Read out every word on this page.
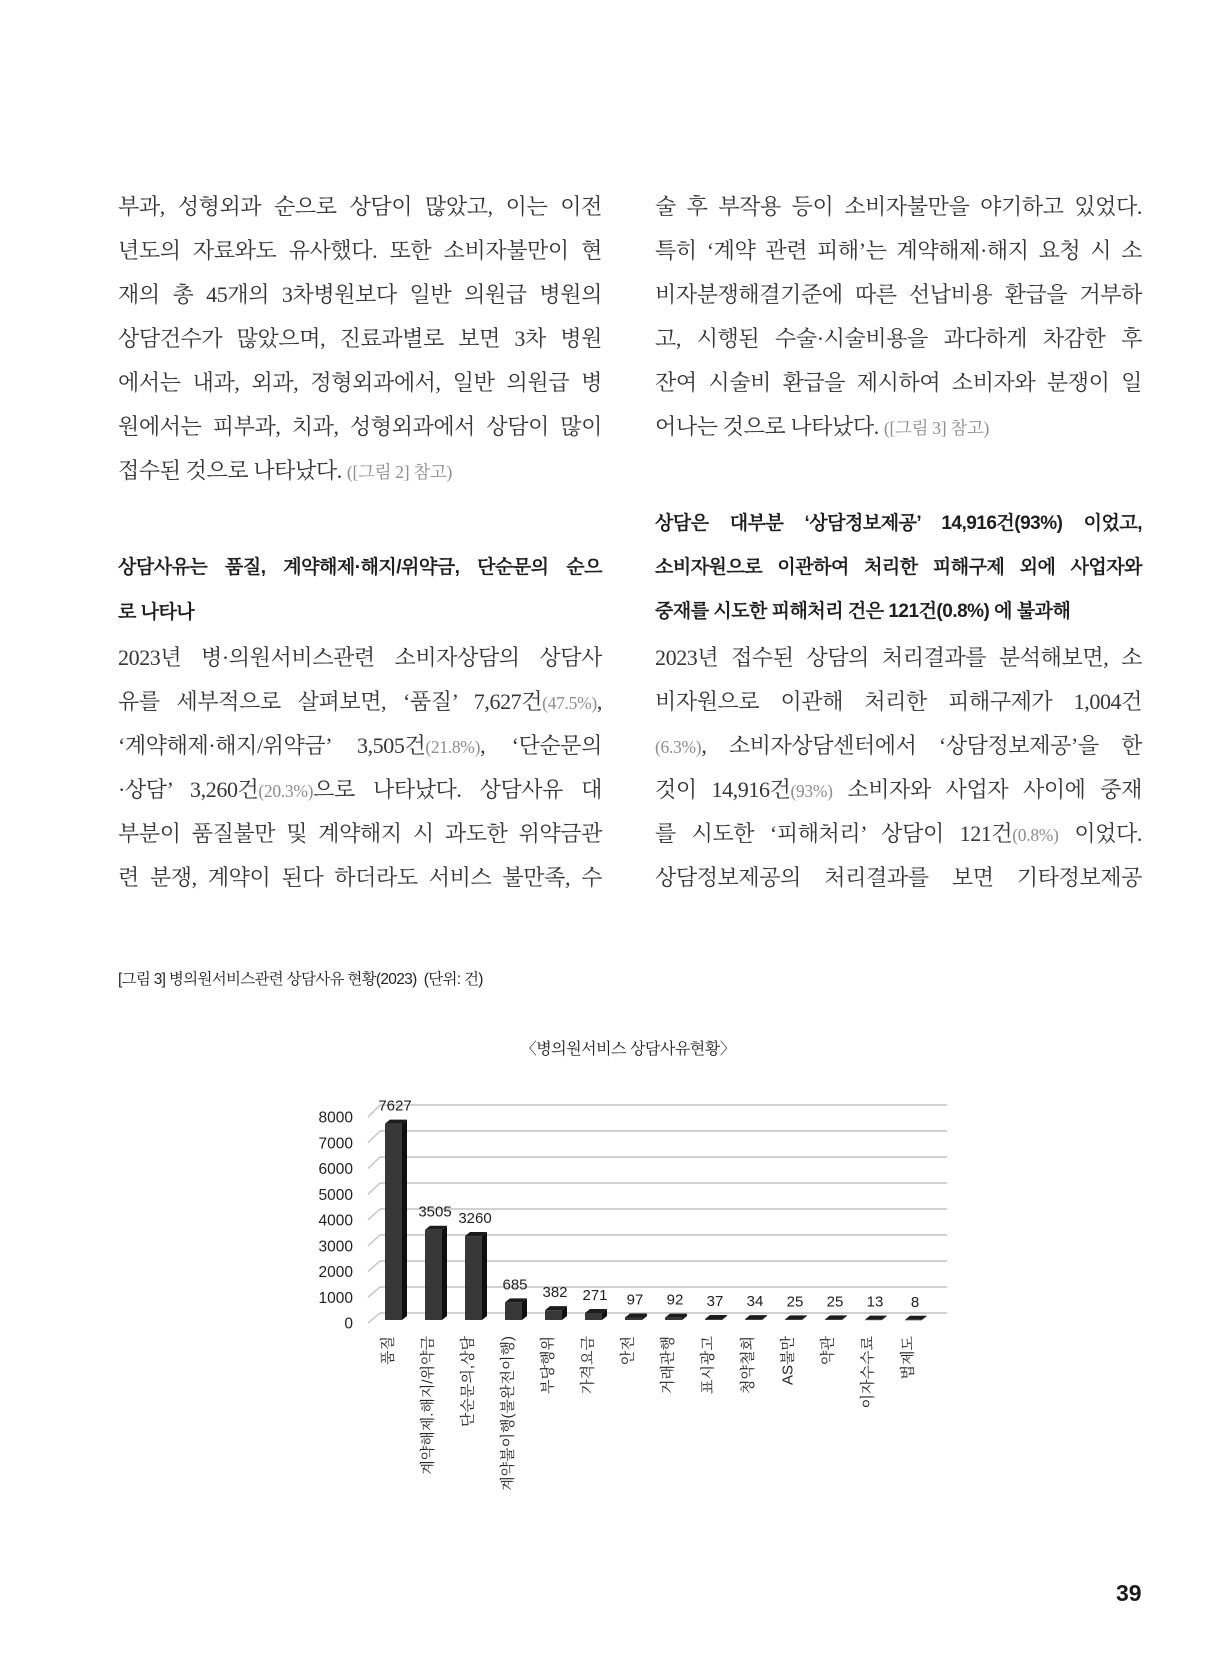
부과, 성형외과 순으로 상담이 많았고, 이는 이전
년도의 자료와도 유사했다. 또한 소비자불만이 현
재의 총 45개의 3차병원보다 일반 의원급 병원의
상담건수가 많았으며, 진료과별로 보면 3차 병원
에서는 내과, 외과, 정형외과에서, 일반 의원급 병
원에서는 피부과, 치과, 성형외과에서 상담이 많이
접수된 것으로 나타났다. ([그림 2] 참고)
상담사유는 품질, 계약해제·해지/위약금, 단순문의 순으
로 나타나
2023년 병·의원서비스관련 소비자상담의 상담사
유를 세부적으로 살펴보면, ‘품질’ 7,627건(47.5%),
‘계약해제·해지/위약금’ 3,505건(21.8%), ‘단순문의
·상담’ 3,260건(20.3%)으로 나타났다. 상담사유 대
부분이 품질불만 및 계약해지 시 과도한 위약금관
련 분쟁, 계약이 된다 하더라도 서비스 불만족, 수
술 후 부작용 등이 소비자불만을 야기하고 있었다.
특히 ‘계약 관련 피해’는 계약해제·해지 요청 시 소
비자분쟁해결기준에 따른 선납비용 환급을 거부하
고, 시행된 수술·시술비용을 과다하게 차감한 후
잔여 시술비 환급을 제시하여 소비자와 분쟁이 일
어나는 것으로 나타났다. ([그림 3] 참고)
상담은 대부분 ‘상담정보제공’ 14,916건(93%) 이었고,
소비자원으로 이관하여 처리한 피해구제 외에 사업자와
중재를 시도한 피해처리 건은 121건(0.8%) 에 불과해
2023년 접수된 상담의 처리결과를 분석해보면, 소
비자원으로 이관해 처리한 피해구제가 1,004건
(6.3%), 소비자상담센터에서 ‘상담정보제공’을 한
것이 14,916건(93%) 소비자와 사업자 사이에 중재
를 시도한 ‘피해처리’ 상담이 121건(0.8%) 이었다.
상담정보제공의 처리결과를 보면 기타정보제공
[그림 3] 병의원서비스관련 상담사유 현황(2023)  (단위: 건)
〈병의원서비스 상담사유현황〉
0
1000
2000
3000
4000
5000
6000
7000
8000
7627
3505 3260
685 382 271 97 92 37 34 25 25 13 8
품질 계약해제.해지/위약금 단순문의,상담 계약불이행(불완전이행) 부당행위 가격요금 안전 거래관행 표시광고 청약철회 AS불만 약관 이자수수료 법제도
39
